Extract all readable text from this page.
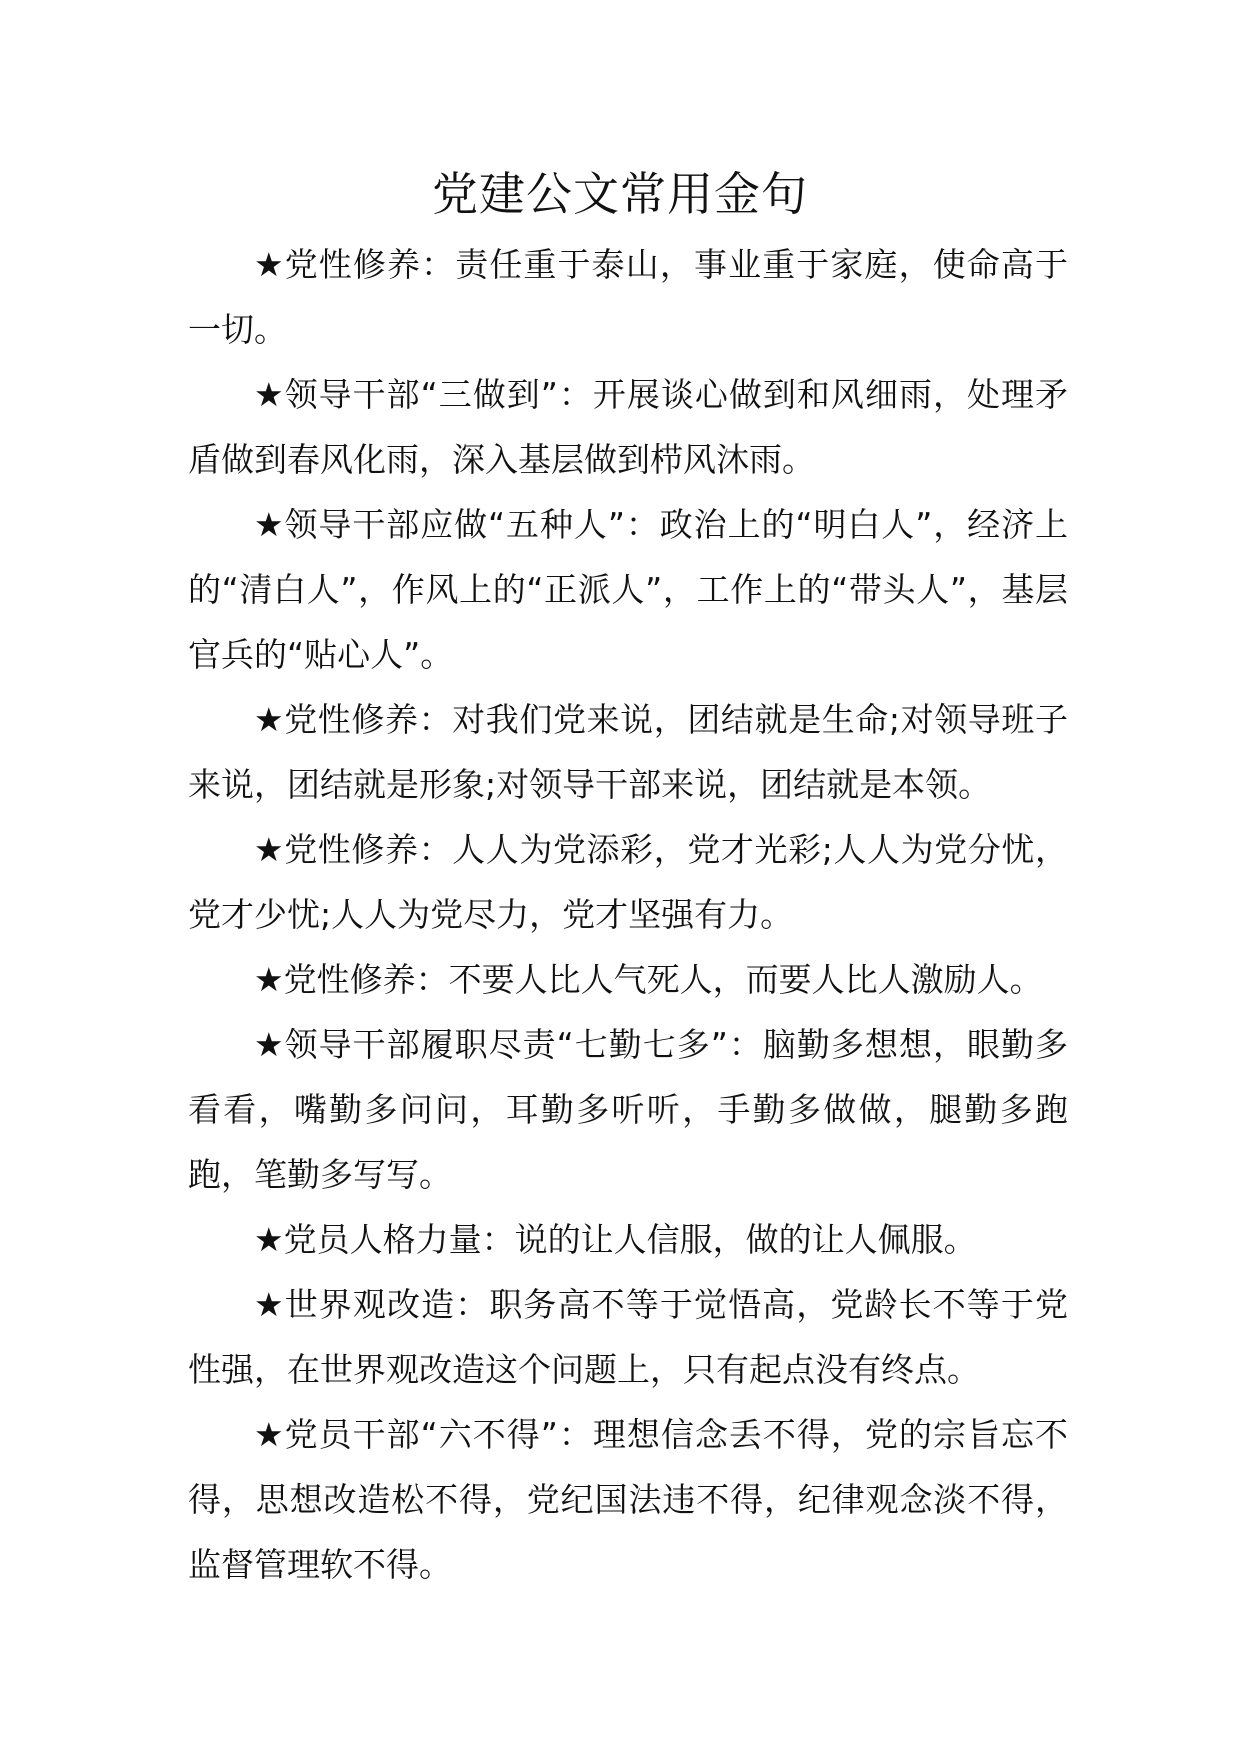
党建公文常用金句

★党性修养：责任重于泰山，事业重于家庭，使命高于一切。

★领导干部“三做到”：开展谈心做到和风细雨，处理矛盾做到春风化雨，深入基层做到栉风沐雨。

★领导干部应做“五种人”：政治上的“明白人”，经济上的“清白人”，作风上的“正派人”，工作上的“带头人”，基层官兵的“贴心人”。

★党性修养：对我们党来说，团结就是生命;对领导班子来说，团结就是形象;对领导干部来说，团结就是本领。

★党性修养：人人为党添彩，党才光彩;人人为党分忧，党才少忧;人人为党尽力，党才坚强有力。

★党性修养：不要人比人气死人，而要人比人激励人。

★领导干部履职尽责“七勤七多”：脑勤多想想，眼勤多看看，嘴勤多问问，耳勤多听听，手勤多做做，腿勤多跑跑，笔勤多写写。

★党员人格力量：说的让人信服，做的让人佩服。

★世界观改造：职务高不等于觉悟高，党龄长不等于党性强，在世界观改造这个问题上，只有起点没有终点。

★党员干部“六不得”：理想信念丢不得，党的宗旨忘不得，思想改造松不得，党纪国法违不得，纪律观念淡不得，监督管理软不得。
